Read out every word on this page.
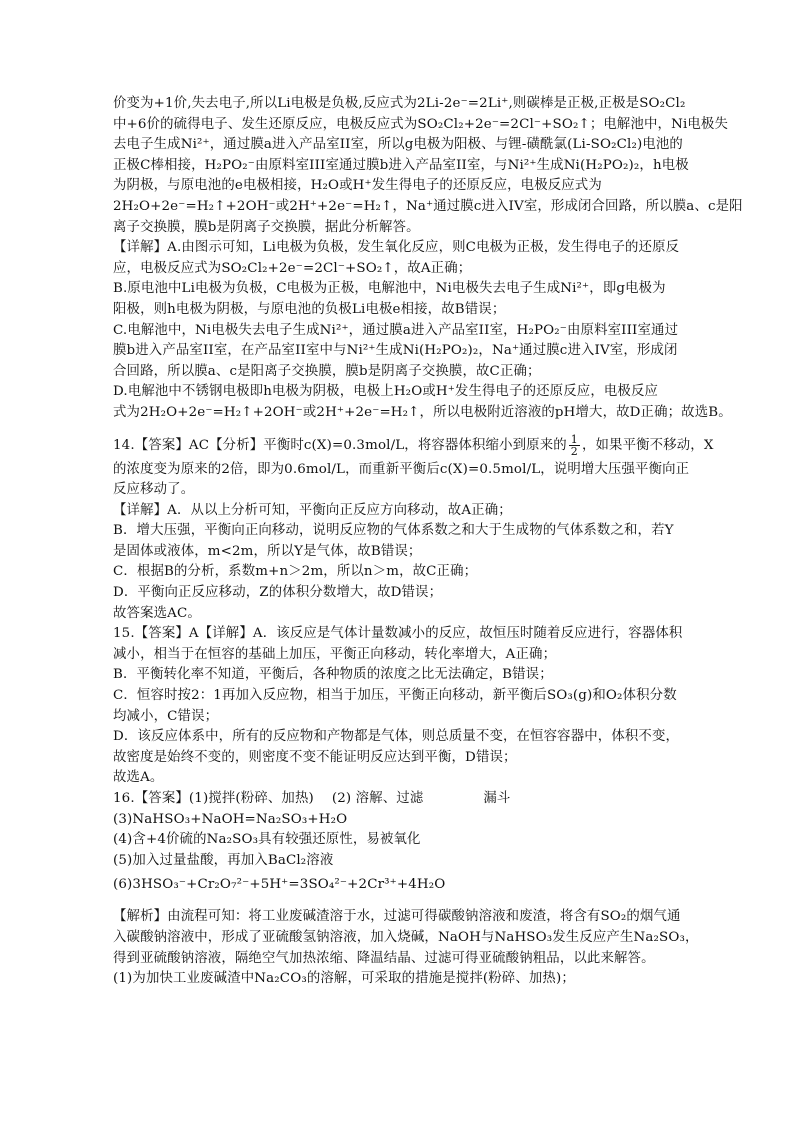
价变为+1价,失去电子,所以Li电极是负极,反应式为2Li-2e⁻=2Li⁺,则碳棒是正极,正极是SO₂Cl₂
中+6价的硫得电子、发生还原反应，电极反应式为SO₂Cl₂+2e⁻=2Cl⁻+SO₂↑；电解池中，Ni电极失
去电子生成Ni²⁺，通过膜a进入产品室II室，所以g电极为阳极、与锂-磺酰氯(Li-SO₂Cl₂)电池的
正极C棒相接，H₂PO₂⁻由原料室III室通过膜b进入产品室II室，与Ni²⁺生成Ni(H₂PO₂)₂，h电极
为阴极，与原电池的e电极相接，H₂O或H⁺发生得电子的还原反应，电极反应式为
2H₂O+2e⁻=H₂↑+2OH⁻或2H⁺+2e⁻=H₂↑，Na⁺通过膜c进入IV室，形成闭合回路，所以膜a、c是阳
离子交换膜，膜b是阴离子交换膜，据此分析解答。
【详解】A.由图示可知，Li电极为负极，发生氧化反应，则C电极为正极，发生得电子的还原反
应，电极反应式为SO₂Cl₂+2e⁻=2Cl⁻+SO₂↑，故A正确；
B.原电池中Li电极为负极，C电极为正极，电解池中，Ni电极失去电子生成Ni²⁺，即g电极为
阳极，则h电极为阴极，与原电池的负极Li电极e相接，故B错误；
C.电解池中，Ni电极失去电子生成Ni²⁺，通过膜a进入产品室II室，H₂PO₂⁻由原料室III室通过
膜b进入产品室II室，在产品室II室中与Ni²⁺生成Ni(H₂PO₂)₂，Na⁺通过膜c进入IV室，形成闭
合回路，所以膜a、c是阳离子交换膜，膜b是阴离子交换膜，故C正确；
D.电解池中不锈钢电极即h电极为阴极，电极上H₂O或H⁺发生得电子的还原反应，电极反应
式为2H₂O+2e⁻=H₂↑+2OH⁻或2H⁺+2e⁻=H₂↑，所以电极附近溶液的pH增大，故D正确；故选B。
14.【答案】AC【分析】平衡时c(X)=0.3mol/L，将容器体积缩小到原来的 $\frac{1}{2}$ ，如果平衡不移动，X
的浓度变为原来的2倍，即为0.6mol/L，而重新平衡后c(X)=0.5mol/L，说明增大压强平衡向正
反应移动了。
【详解】A．从以上分析可知，平衡向正反应方向移动，故A正确；
B．增大压强，平衡向正向移动，说明反应物的气体系数之和大于生成物的气体系数之和，若Y
是固体或液体，m<2m，所以Y是气体，故B错误；
C．根据B的分析，系数m+n＞2m，所以n＞m，故C正确；
D．平衡向正反应移动，Z的体积分数增大，故D错误；
故答案选AC。
15.【答案】A【详解】A．该反应是气体计量数减小的反应，故恒压时随着反应进行，容器体积
减小，相当于在恒容的基础上加压，平衡正向移动，转化率增大，A正确；
B．平衡转化率不知道，平衡后，各种物质的浓度之比无法确定，B错误；
C．恒容时按2：1再加入反应物，相当于加压，平衡正向移动，新平衡后SO₃(g)和O₂体积分数
均减小，C错误；
D．该反应体系中，所有的反应物和产物都是气体，则总质量不变，在恒容容器中，体积不变，
故密度是始终不变的，则密度不变不能证明反应达到平衡，D错误；
故选A。
16.【答案】(1)搅拌(粉碎、加热) (2) 溶解、过滤	漏斗
(3)NaHSO₃+NaOH=Na₂SO₃+H₂O
(4)含+4价硫的Na₂SO₃具有较强还原性，易被氧化
(5)加入过量盐酸，再加入BaCl₂溶液
(6)3HSO₃⁻+Cr₂O₇²⁻+5H⁺=3SO₄²⁻+2Cr³⁺+4H₂O
【解析】由流程可知：将工业废碱渣溶于水，过滤可得碳酸钠溶液和废渣，将含有SO₂的烟气通
入碳酸钠溶液中，形成了亚硫酸氢钠溶液，加入烧碱，NaOH与NaHSO₃发生反应产生Na₂SO₃，
得到亚硫酸钠溶液，隔绝空气加热浓缩、降温结晶、过滤可得亚硫酸钠粗品，以此来解答。
(1)为加快工业废碱渣中Na₂CO₃的溶解，可采取的措施是搅拌(粉碎、加热)；
